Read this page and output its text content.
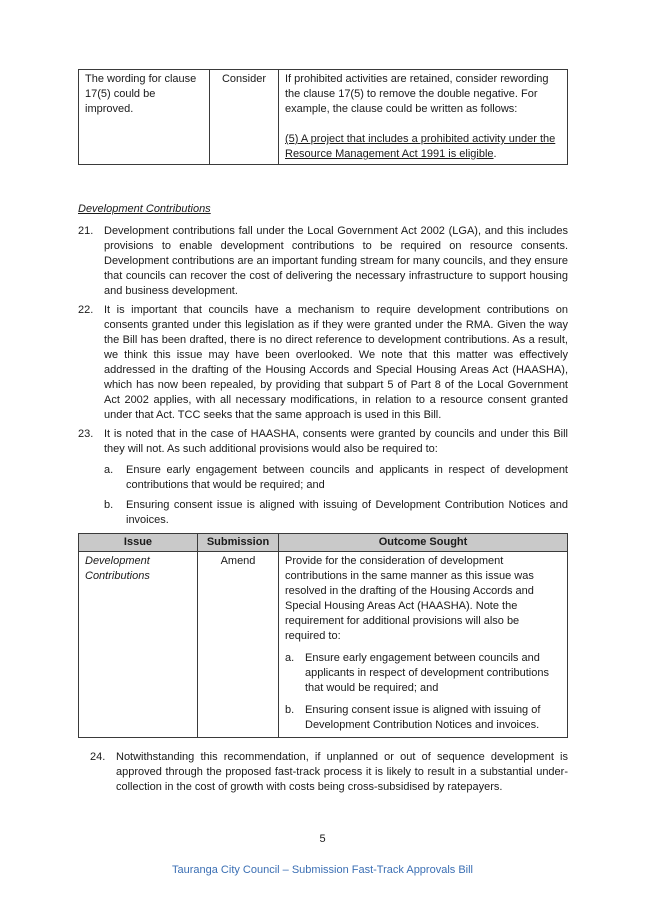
The wording for clause 17(5) could be improved.	Consider	If prohibited activities are retained, consider rewording the clause 17(5) to remove the double negative. For example, the clause could be written as follows:
(5) A project that includes a prohibited activity under the Resource Management Act 1991 is eligible.
Development Contributions
21. Development contributions fall under the Local Government Act 2002 (LGA), and this includes provisions to enable development contributions to be required on resource consents. Development contributions are an important funding stream for many councils, and they ensure that councils can recover the cost of delivering the necessary infrastructure to support housing and business development.
22. It is important that councils have a mechanism to require development contributions on consents granted under this legislation as if they were granted under the RMA. Given the way the Bill has been drafted, there is no direct reference to development contributions. As a result, we think this issue may have been overlooked. We note that this matter was effectively addressed in the drafting of the Housing Accords and Special Housing Areas Act (HAASHA), which has now been repealed, by providing that subpart 5 of Part 8 of the Local Government Act 2002 applies, with all necessary modifications, in relation to a resource consent granted under that Act. TCC seeks that the same approach is used in this Bill.
23. It is noted that in the case of HAASHA, consents were granted by councils and under this Bill they will not. As such additional provisions would also be required to:
a. Ensure early engagement between councils and applicants in respect of development contributions that would be required; and
b. Ensuring consent issue is aligned with issuing of Development Contribution Notices and invoices.
Issue	Submission	Outcome Sought
Development Contributions	Amend	Provide for the consideration of development contributions in the same manner as this issue was resolved in the drafting of the Housing Accords and Special Housing Areas Act (HAASHA). Note the requirement for additional provisions will also be required to:
a. Ensure early engagement between councils and applicants in respect of development contributions that would be required; and
b. Ensuring consent issue is aligned with issuing of Development Contribution Notices and invoices.
24. Notwithstanding this recommendation, if unplanned or out of sequence development is approved through the proposed fast-track process it is likely to result in a substantial under-collection in the cost of growth with costs being cross-subsidised by ratepayers.
5
Tauranga City Council – Submission Fast-Track Approvals Bill
